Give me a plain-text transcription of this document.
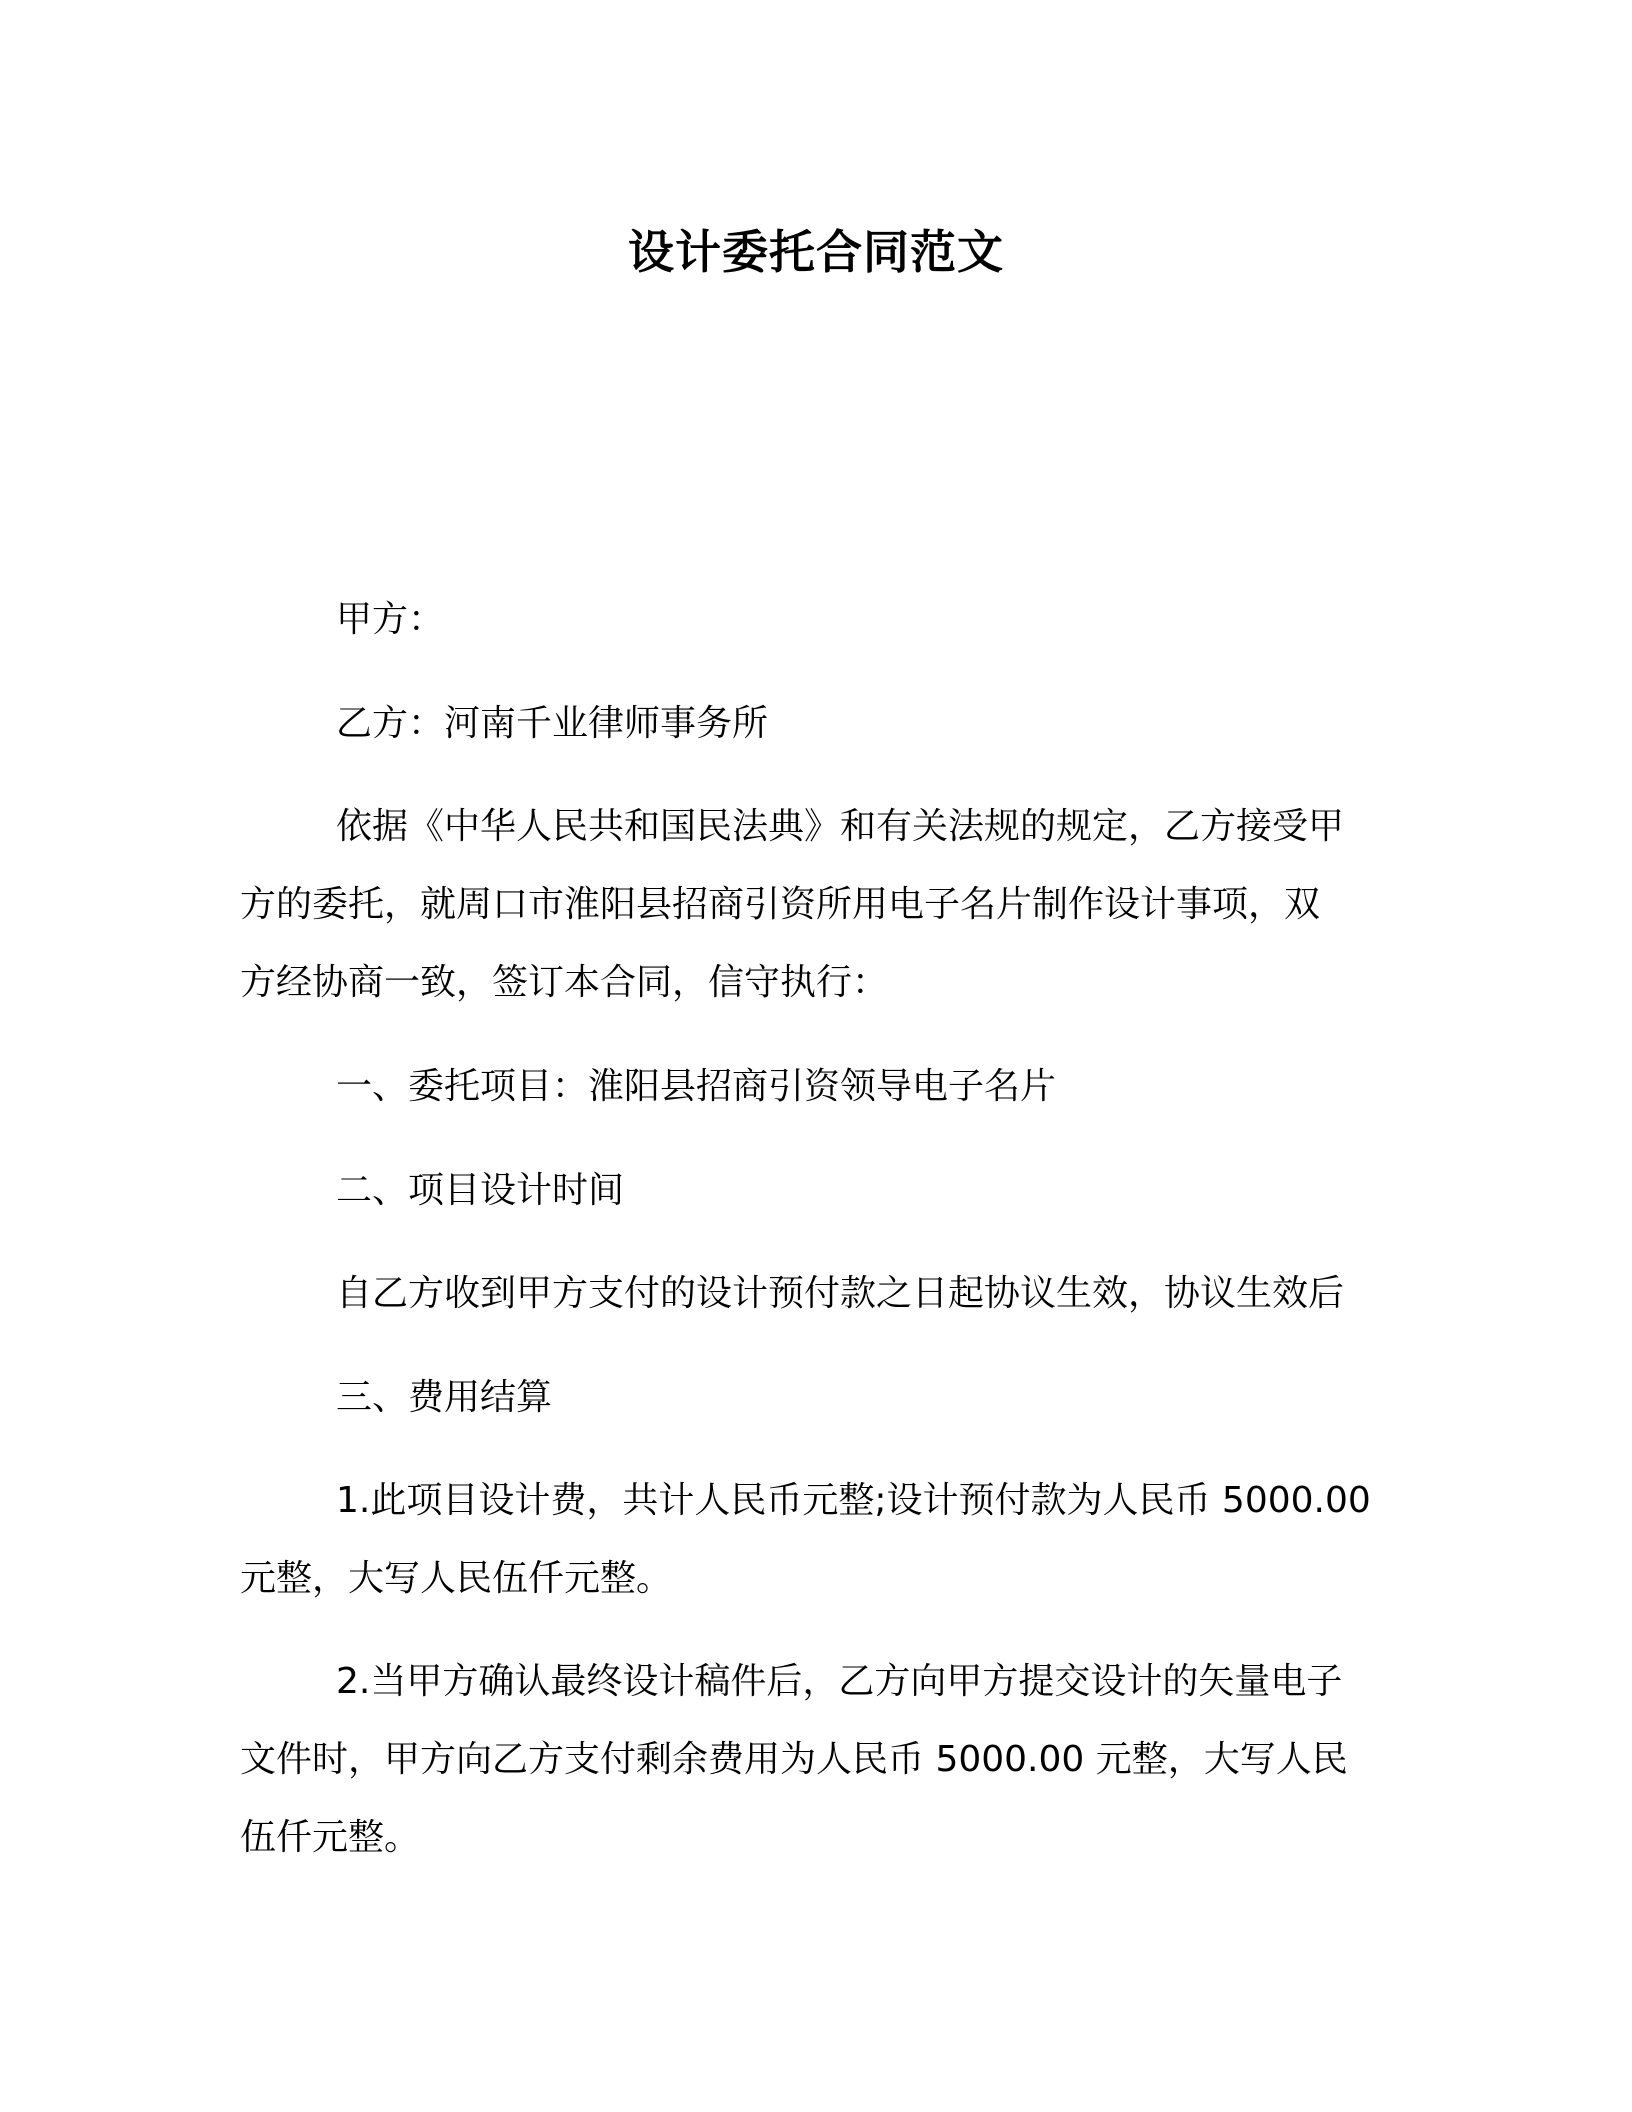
设计委托合同范文

甲方：

乙方：河南千业律师事务所

依据《中华人民共和国民法典》和有关法规的规定，乙方接受甲
方的委托，就周口市淮阳县招商引资所用电子名片制作设计事项，双
方经协商一致，签订本合同，信守执行：

一、委托项目：淮阳县招商引资领导电子名片

二、项目设计时间

自乙方收到甲方支付的设计预付款之日起协议生效，协议生效后

三、费用结算

1.此项目设计费，共计人民币元整;设计预付款为人民币 5000.00
元整，大写人民伍仟元整。

2.当甲方确认最终设计稿件后，乙方向甲方提交设计的矢量电子
文件时，甲方向乙方支付剩余费用为人民币 5000.00 元整，大写人民
伍仟元整。
